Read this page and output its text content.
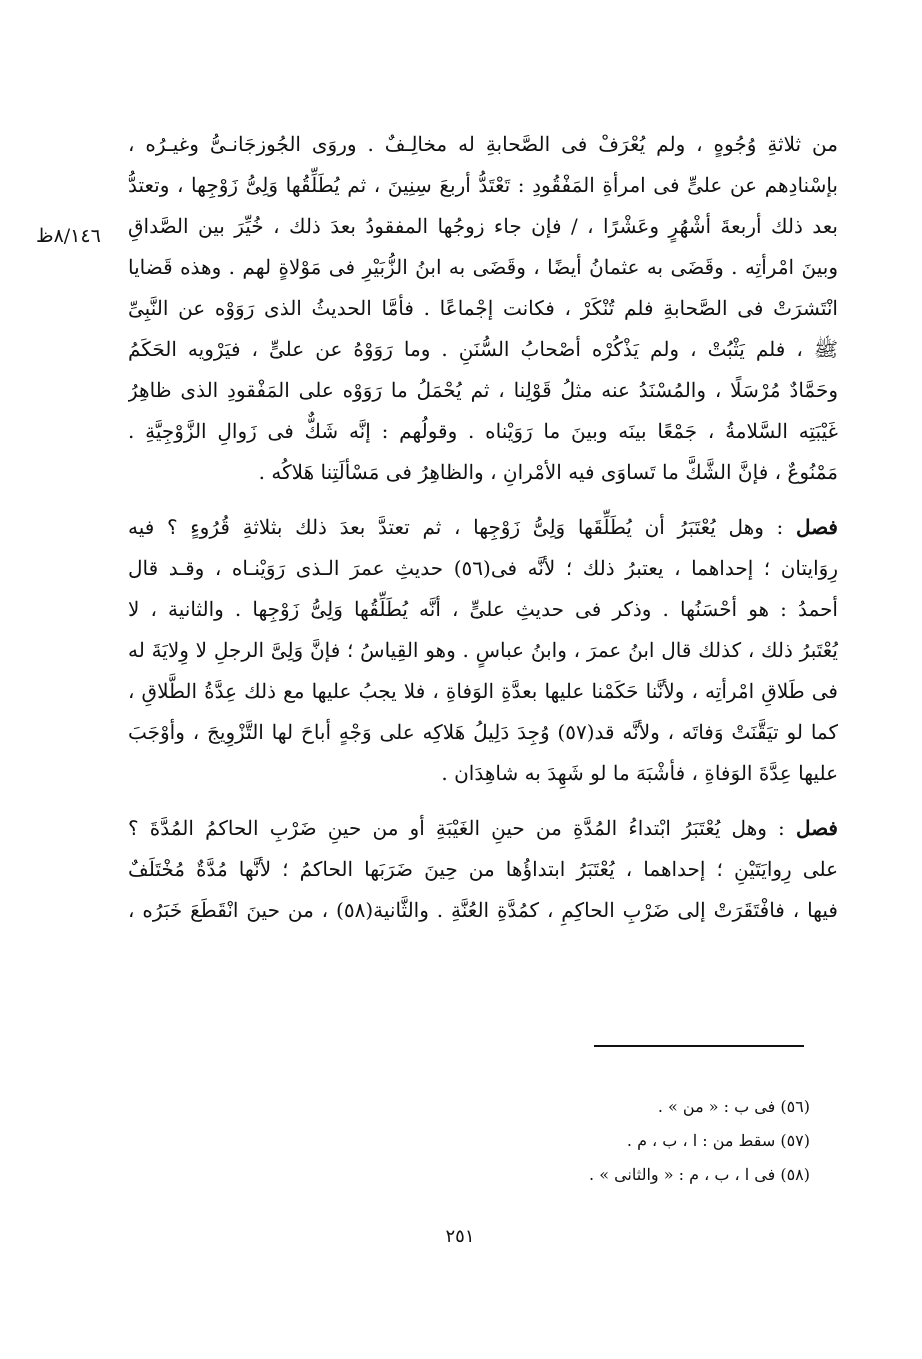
٨/١٤٦ظ
من ثلاثةِ وُجُوهٍ ، ولم يُعْرَفْ فى الصَّحابةِ له مخالِـفٌ . وروَى الجُوزجَانـىُّ وغيـرُه ،
بإسْنادِهم عن علىٍّ فى امرأةِ المَفْقُودِ : تَعْتَدُّ أربعَ سِنِينَ ، ثم يُطَلِّقُها وَلِىُّ زَوْجِها ، وتعتدُّ
بعد ذلك أربعةَ أشْهُرٍ وعَشْرًا ، / فإن جاء زوجُها المفقودُ بعدَ ذلك ، خُيِّرَ بين الصَّداقِ
وبينَ امْرأتِه . وقَضَى به عثمانُ أيضًا ، وقَضَى به ابنُ الزُّبَيْرِ فى مَوْلاةٍ لهم . وهذه قَضايا
انْتَشرَتْ فى الصَّحابةِ فلم تُنْكَرْ ، فكانت إجْماعًا . فأمَّا الحديثُ الذى رَوَوْه عن النَّبِىِّ
ﷺ ، فلم يَثْبُتْ ، ولم يَذْكُرْه أصْحابُ السُّنَنِ . وما رَوَوْهُ عن علىٍّ ، فيَرْويه الحَكَمُ
وحَمَّادٌ مُرْسَلًا ، والمُسْنَدُ عنه مثلُ قَوْلِنا ، ثم يُحْمَلُ ما رَوَوْه على المَفْقودِ الذى ظاهِرُ
غَيْبَتِه السَّلامةُ ، جَمْعًا بينَه وبينَ ما رَوَيْناه . وقولُهم : إنَّه شَكٌّ فى زَوالِ الزَّوْجِيَّةِ .
مَمْنُوعٌ ، فإنَّ الشَّكَّ ما تَساوَى فيه الأمْرانِ ، والظاهِرُ فى مَسْألَتِنا هَلاكُه .
فصل : وهل يُعْتَبَرُ أن يُطَلِّقَها وَلِىُّ زَوْجِها ، ثم تعتدَّ بعدَ ذلك بثلاثةِ قُرُوءٍ ؟ فيه
رِوَايتان ؛ إحداهما ، يعتبرُ ذلك ؛ لأنَّه فى(٥٦) حديثِ عمرَ الـذى رَوَيْنـاه ، وقـد قال
أحمدُ : هو أحْسَنُها . وذكر فى حديثِ علىٍّ ، أنَّه يُطَلِّقُها وَلِىُّ زَوْجِها . والثانية ، لا
يُعْتَبرُ ذلك ، كذلك قال ابنُ عمرَ ، وابنُ عباسٍ . وهو القِياسُ ؛ فإنَّ وَلِىَّ الرجلِ لا وِلايَةَ له
فى طَلاقِ امْرأتِه ، ولأنَّنا حَكَمْنا عليها بعدَّةِ الوَفاةِ ، فلا يجبُ عليها مع ذلك عِدَّةُ الطَّلاقِ ،
كما لو تيَقَّنَتْ وَفاتَه ، ولأنَّه قد(٥٧) وُجِدَ دَلِيلُ هَلاكِه على وَجْهٍ أباحَ لها التَّزْوِيجَ ، وأوْجَبَ
عليها عِدَّةَ الوَفاةِ ، فأشْبَهَ ما لو شَهِدَ به شاهِدَان .
فصل : وهل يُعْتَبَرُ ابْتداءُ المُدَّةِ من حينِ الغَيْبَةِ أو من حينِ ضَرْبِ الحاكمُ المُدَّةَ ؟
على رِوايَتَيْنِ ؛ إحداهما ، يُعْتَبَرُ ابتداؤُها من حِينَ ضَرَبَها الحاكمُ ؛ لأنَّها مُدَّةٌ مُخْتَلَفٌ
فيها ، فافْتَقَرَتْ إلى ضَرْبِ الحاكِمِ ، كمُدَّةِ العُنَّةِ . والثَّانية(٥٨) ، من حينَ انْقَطَعَ خَبَرُه ،
(٥٦) فى ب : « من » .
(٥٧) سقط من : ا ، ب ، م .
(٥٨) فى ا ، ب ، م : « والثانى » .
٢٥١
